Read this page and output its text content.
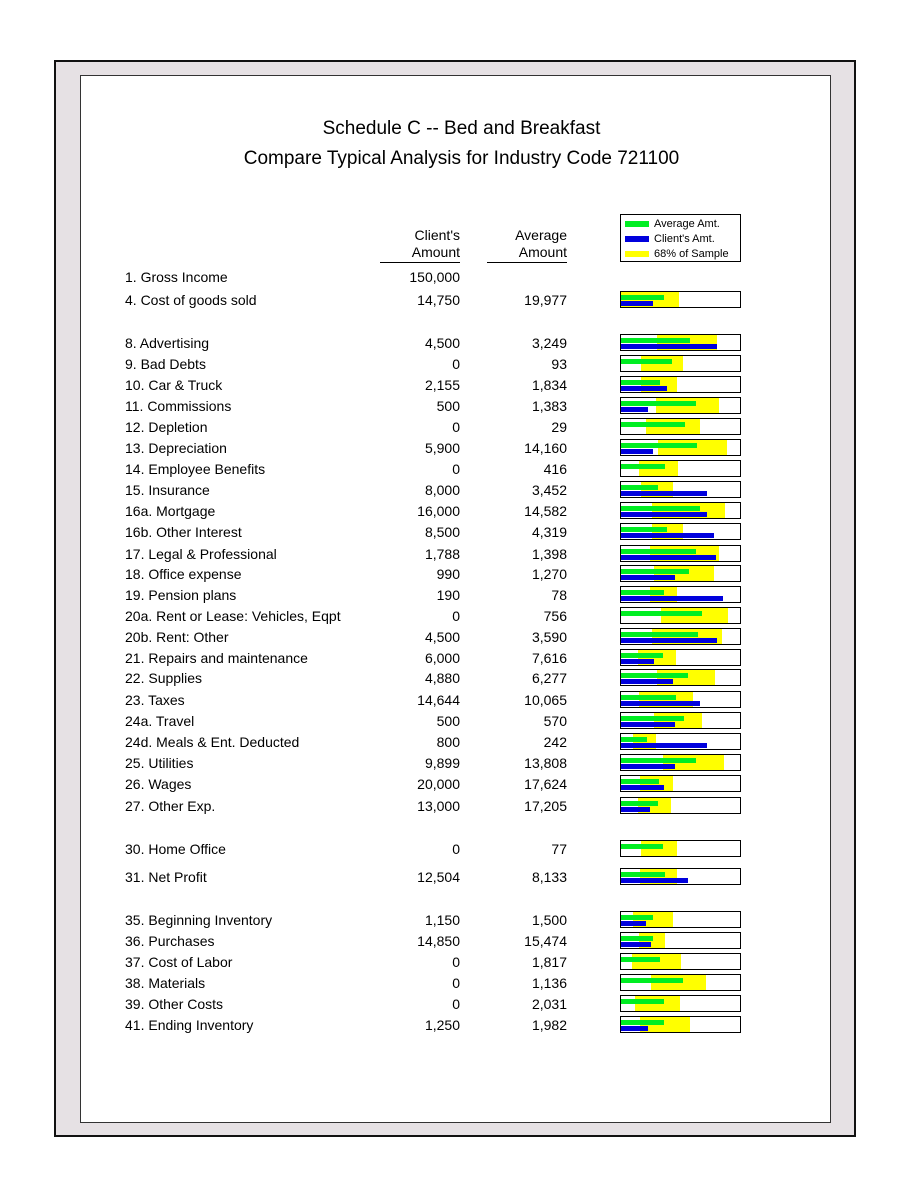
Schedule C -- Bed and Breakfast
Compare Typical Analysis for Industry Code 721100
Client's
Amount
Average
Amount
Average Amt.
Client's Amt.
68% of Sample
1. Gross Income	150,000
4. Cost of goods sold	14,750	19,977
8. Advertising	4,500	3,249
9. Bad Debts	0	93
10. Car & Truck	2,155	1,834
11. Commissions	500	1,383
12. Depletion	0	29
13. Depreciation	5,900	14,160
14. Employee Benefits	0	416
15. Insurance	8,000	3,452
16a. Mortgage	16,000	14,582
16b. Other Interest	8,500	4,319
17. Legal & Professional	1,788	1,398
18. Office expense	990	1,270
19. Pension plans	190	78
20a. Rent or Lease: Vehicles, Eqpt	0	756
20b. Rent: Other	4,500	3,590
21. Repairs and maintenance	6,000	7,616
22. Supplies	4,880	6,277
23. Taxes	14,644	10,065
24a. Travel	500	570
24d. Meals & Ent. Deducted	800	242
25. Utilities	9,899	13,808
26. Wages	20,000	17,624
27. Other Exp.	13,000	17,205
30. Home Office	0	77
31. Net Profit	12,504	8,133
35. Beginning Inventory	1,150	1,500
36. Purchases	14,850	15,474
37. Cost of Labor	0	1,817
38. Materials	0	1,136
39. Other Costs	0	2,031
41. Ending Inventory	1,250	1,982
